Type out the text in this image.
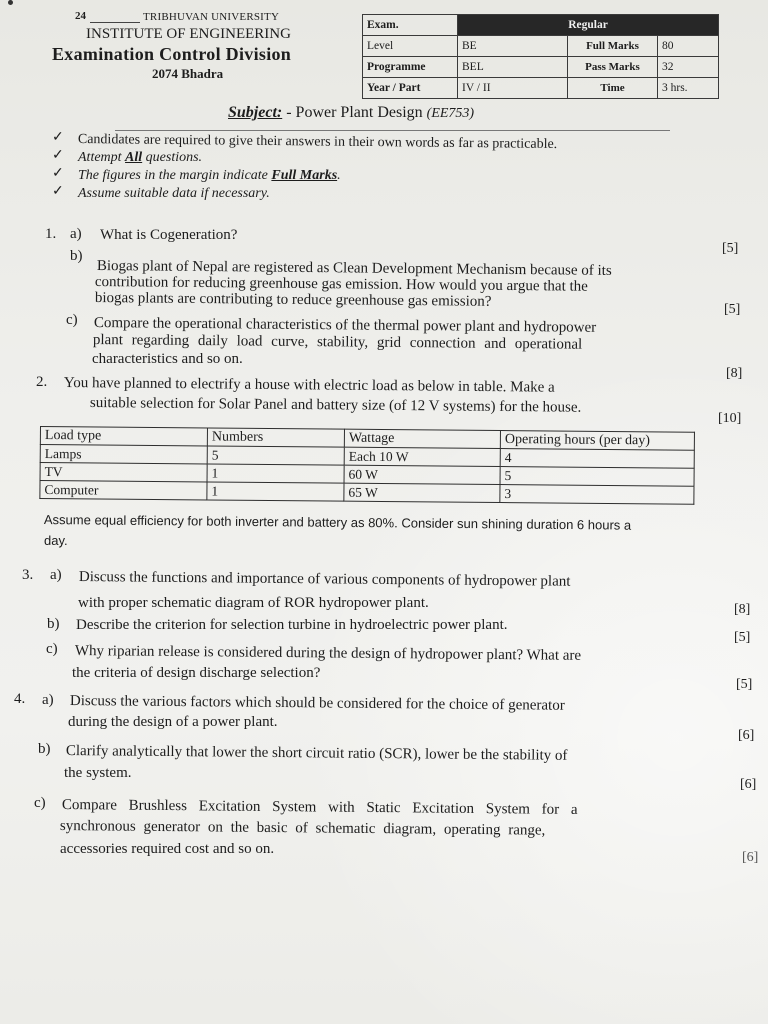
24	TRIBHUVAN UNIVERSITY
INSTITUTE OF ENGINEERING
Examination Control Division
2074 Bhadra
Exam.	Regular		
Level	BE	Full Marks	80
Programme	BEL	Pass Marks	32
Year / Part	IV / II	Time	3 hrs.
Subject: - Power Plant Design (EE753)
✓ Candidates are required to give their answers in their own words as far as practicable.
✓ Attempt All questions.
✓ The figures in the margin indicate Full Marks.
✓ Assume suitable data if necessary.
1. a) What is Cogeneration?
[5]
b)
Biogas plant of Nepal are registered as Clean Development Mechanism because of its
contribution for reducing greenhouse gas emission. How would you argue that the
biogas plants are contributing to reduce greenhouse gas emission?	[5]
c) Compare the operational characteristics of the thermal power plant and hydropower
plant regarding daily load curve, stability, grid connection and operational
characteristics and so on.
[8]
2. You have planned to electrify a house with electric load as below in table. Make a
suitable selection for Solar Panel and battery size (of 12 V systems) for the house.
[10]
Load type	Numbers	Wattage	Operating hours (per day)
Lamps	5	Each 10 W	4
TV	1	60 W	5
Computer	1	65 W	3
Assume equal efficiency for both inverter and battery as 80%. Consider sun shining duration 6 hours a
day.
3. a) Discuss the functions and importance of various components of hydropower plant
with proper schematic diagram of ROR hydropower plant.	[8]
b) Describe the criterion for selection turbine in hydroelectric power plant.
[5]
c) Why riparian release is considered during the design of hydropower plant? What are
the criteria of design discharge selection?
[5]
4. a) Discuss the various factors which should be considered for the choice of generator
during the design of a power plant.
[6]
b) Clarify analytically that lower the short circuit ratio (SCR), lower be the stability of
the system.
[6]
c) Compare Brushless Excitation System with Static Excitation System for a
synchronous generator on the basic of schematic diagram, operating range,
accessories required cost and so on.
[6]
